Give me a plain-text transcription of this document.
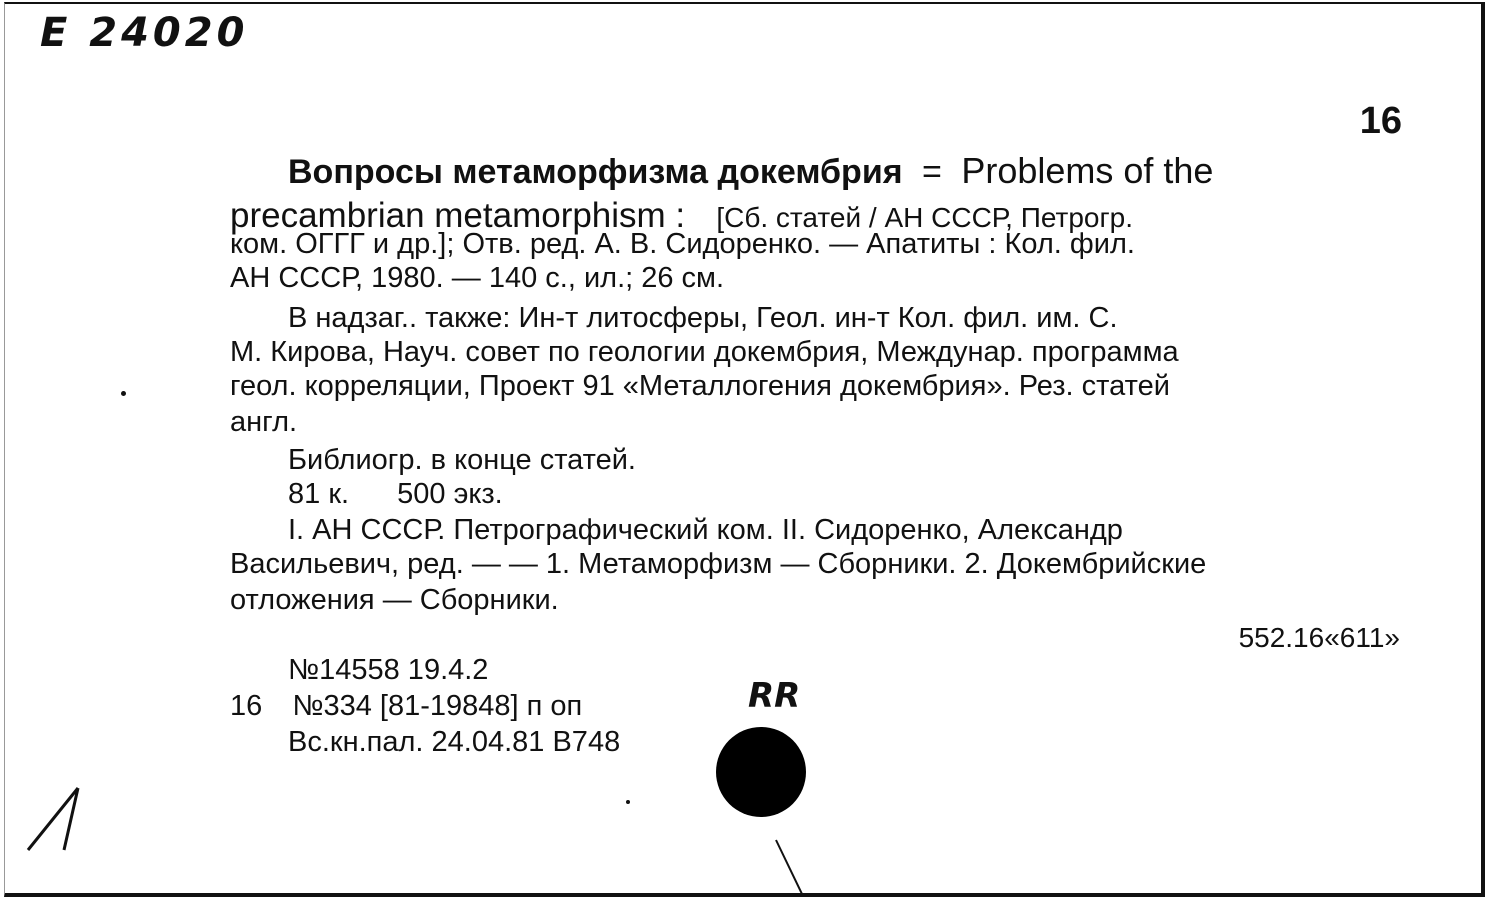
E 24020
16
Вопросы метаморфизма докембрия = Problems of the
precambrian metamorphism : [Сб. статей / АН СССР, Петрогр.
ком. ОГГГ и др.]; Отв. ред. А. В. Сидоренко. — Апатиты : Кол. фил.
АН СССР, 1980. — 140 с., ил.; 26 см.
В надзаг.. также: Ин-т литосферы, Геол. ин-т Кол. фил. им. С.
М. Кирова, Науч. совет по геологии докембрия, Междунар. программа
геол. корреляции, Проект 91 «Металлогения докембрия». Рез. статей
англ.
Библиогр. в конце статей.
81 к. 500 экз.
I. АН СССР. Петрографический ком. II. Сидоренко, Александр
Васильевич, ред. — — 1. Метаморфизм — Сборники. 2. Докембрийские
отложения — Сборники.
552.16«611»
№14558 19.4.2
16 №334 [81-19848] п оп
Вс.кн.пал. 24.04.81 В748
RR
